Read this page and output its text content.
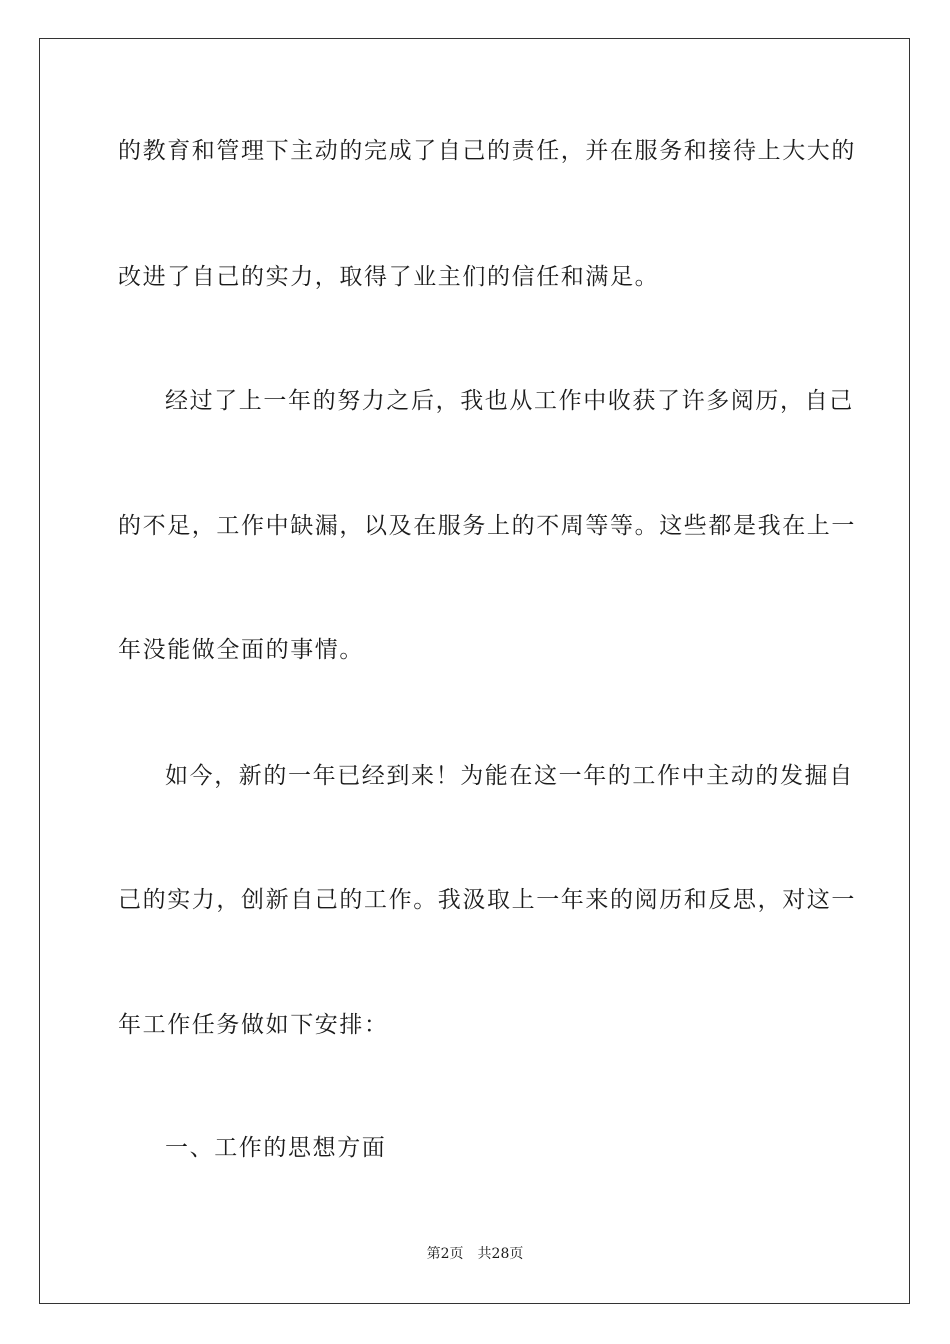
的教育和管理下主动的完成了自己的责任，并在服务和接待上大大的
改进了自己的实力，取得了业主们的信任和满足。
经过了上一年的努力之后，我也从工作中收获了许多阅历，自己
的不足，工作中缺漏，以及在服务上的不周等等。这些都是我在上一
年没能做全面的事情。
如今，新的一年已经到来！为能在这一年的工作中主动的发掘自
己的实力，创新自己的工作。我汲取上一年来的阅历和反思，对这一
年工作任务做如下安排：
一、工作的思想方面
第2页 共28页
